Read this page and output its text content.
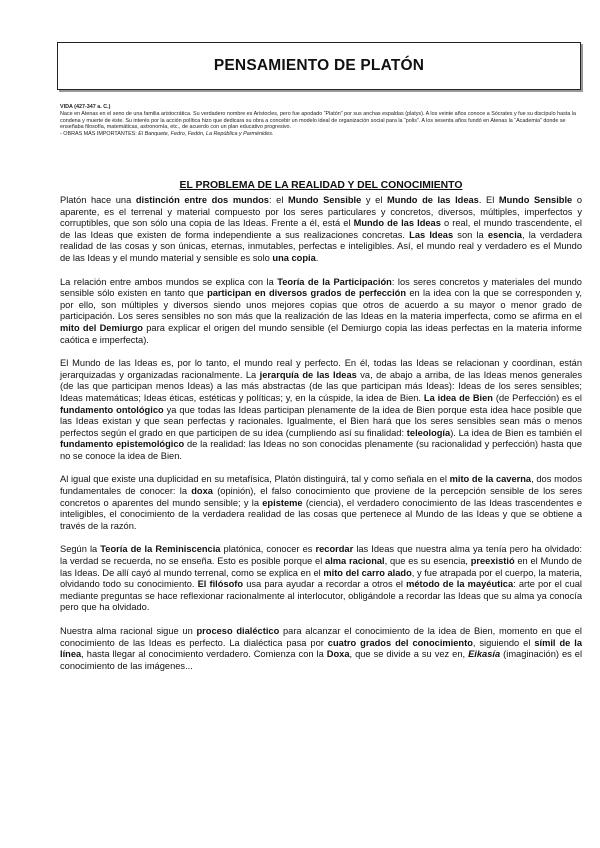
PENSAMIENTO DE PLATÓN
VIDA (427-347 a. C.)
Nace en Atenas en el seno de una familia aristocrática. Su verdadero nombre es Aristocles, pero fue apodado “Platón” por sus anchas espaldas (platys). A los veinte años conoce a Sócrates y fue su discípulo hasta la condena y muerte de éste. Su interés por la acción política hizo que dedicara su obra a concebir un modelo ideal de organización social para la “polis”. A los sesenta años fundó en Atenas la “Academia” donde se enseñaba filosofía, matemáticas, astronomía, etc., de acuerdo con un plan educativo progresivo.
- OBRAS MÁS IMPORTANTES: El Banquete, Fedro, Fedón, La República y Parménides.
EL PROBLEMA DE LA REALIDAD Y DEL CONOCIMIENTO

Platón hace una distinción entre dos mundos: el Mundo Sensible y el Mundo de las Ideas. El Mundo Sensible o aparente, es el terrenal y material compuesto por los seres particulares y concretos, diversos, múltiples, imperfectos y corruptibles, que son sólo una copia de las Ideas. Frente a él, está el Mundo de las Ideas o real, el mundo trascendente, el de las Ideas que existen de forma independiente a sus realizaciones concretas. Las Ideas son la esencia, la verdadera realidad de las cosas y son únicas, eternas, inmutables, perfectas e inteligibles. Así, el mundo real y verdadero es el Mundo de las Ideas y el mundo material y sensible es solo una copia.

La relación entre ambos mundos se explica con la Teoría de la Participación: los seres concretos y materiales del mundo sensible sólo existen en tanto que participan en diversos grados de perfección en la idea con la que se corresponden y, por ello, son múltiples y diversos siendo unos mejores copias que otros de acuerdo a su mayor o menor grado de participación. Los seres sensibles no son más que la realización de las Ideas en la materia imperfecta, como se afirma en el mito del Demiurgo para explicar el origen del mundo sensible (el Demiurgo copia las ideas perfectas en la materia informe caótica e imperfecta).

El Mundo de las Ideas es, por lo tanto, el mundo real y perfecto. En él, todas las Ideas se relacionan y coordinan, están jerarquizadas y organizadas racionalmente. La jerarquía de las Ideas va, de abajo a arriba, de las Ideas menos generales (de las que participan menos Ideas) a las más abstractas (de las que participan más Ideas): Ideas de los seres sensibles; Ideas matemáticas; Ideas éticas, estéticas y políticas; y, en la cúspide, la idea de Bien. La idea de Bien (de Perfección) es el fundamento ontológico ya que todas las Ideas participan plenamente de la idea de Bien porque esta idea hace posible que las Ideas existan y que sean perfectas y racionales. Igualmente, el Bien hará que los seres sensibles sean más o menos perfectos según el grado en que participen de su idea (cumpliendo así su finalidad: teleología). La idea de Bien es también el fundamento epistemológico de la realidad: las Ideas no son conocidas plenamente (su racionalidad y perfección) hasta que no se conoce la idea de Bien.

Al igual que existe una duplicidad en su metafísica, Platón distinguirá, tal y como señala en el mito de la caverna, dos modos fundamentales de conocer: la doxa (opinión), el falso conocimiento que proviene de la percepción sensible de los seres concretos o aparentes del mundo sensible; y la episteme (ciencia), el verdadero conocimiento de las Ideas trascendentes e inteligibles, el conocimiento de la verdadera realidad de las cosas que pertenece al Mundo de las Ideas y que se obtiene a través de la razón.

Según la Teoría de la Reminiscencia platónica, conocer es recordar las Ideas que nuestra alma ya tenía pero ha olvidado: la verdad se recuerda, no se enseña. Esto es posible porque el alma racional, que es su esencia, preexistió en el Mundo de las Ideas. De allí cayó al mundo terrenal, como se explica en el mito del carro alado, y fue atrapada por el cuerpo, la materia, olvidando todo su conocimiento. El filósofo usa para ayudar a recordar a otros el método de la mayéutica: arte por el cual mediante preguntas se hace reflexionar racionalmente al interlocutor, obligándole a recordar las Ideas que su alma ya conocía pero que ha olvidado.

Nuestra alma racional sigue un proceso dialéctico para alcanzar el conocimiento de la idea de Bien, momento en que el conocimiento de las Ideas es perfecto. La dialéctica pasa por cuatro grados del conocimiento, siguiendo el símil de la línea, hasta llegar al conocimiento verdadero. Comienza con la Doxa, que se divide a su vez en, Eikasía (imaginación) es el conocimiento de las imágenes...
